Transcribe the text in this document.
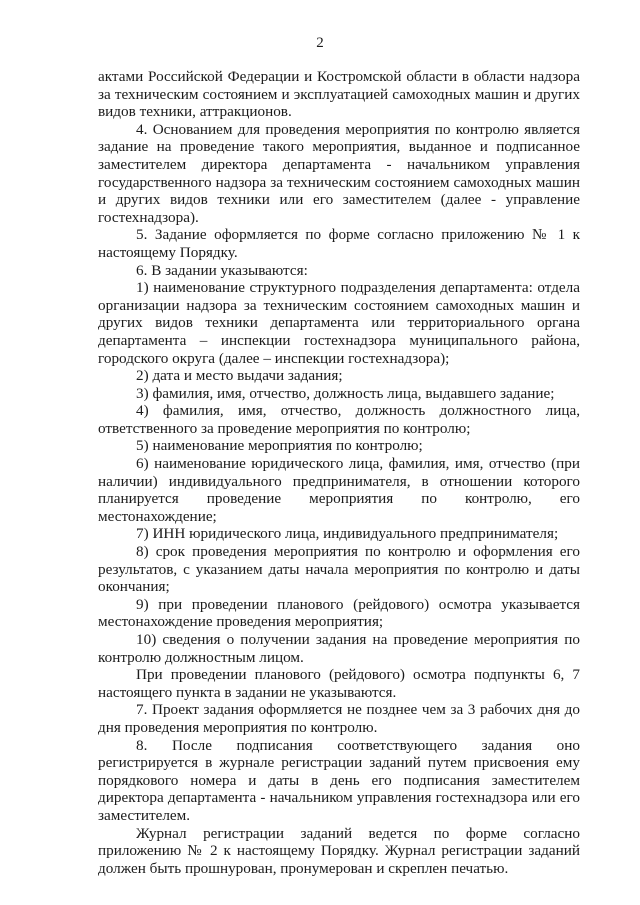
2

актами Российской Федерации и Костромской области в области надзора за техническим состоянием и эксплуатацией самоходных машин и других видов техники, аттракционов.

4. Основанием для проведения мероприятия по контролю является задание на проведение такого мероприятия, выданное и подписанное заместителем директора департамента - начальником управления государственного надзора за техническим состоянием самоходных машин и других видов техники или его заместителем (далее - управление гостехнадзора).

5. Задание оформляется по форме согласно приложению № 1 к настоящему Порядку.

6. В задании указываются:

1) наименование структурного подразделения департамента: отдела организации надзора за техническим состоянием самоходных машин и других видов техники департамента или территориального органа департамента – инспекции гостехнадзора муниципального района, городского округа (далее – инспекции гостехнадзора);

2) дата и место выдачи задания;

3) фамилия, имя, отчество, должность лица, выдавшего задание;

4) фамилия, имя, отчество, должность должностного лица, ответственного за проведение мероприятия по контролю;

5) наименование мероприятия по контролю;

6) наименование юридического лица, фамилия, имя, отчество (при наличии) индивидуального предпринимателя, в отношении которого планируется проведение мероприятия по контролю, его местонахождение;

7) ИНН юридического лица, индивидуального предпринимателя;

8) срок проведения мероприятия по контролю и оформления его результатов, с указанием даты начала мероприятия по контролю и даты окончания;

9) при проведении планового (рейдового) осмотра указывается местонахождение проведения мероприятия;

10) сведения о получении задания на проведение мероприятия по контролю должностным лицом.

При проведении планового (рейдового) осмотра подпункты 6, 7 настоящего пункта в задании не указываются.

7. Проект задания оформляется не позднее чем за 3 рабочих дня до дня проведения мероприятия по контролю.

8. После подписания соответствующего задания оно регистрируется в журнале регистрации заданий путем присвоения ему порядкового номера и даты в день его подписания заместителем директора департамента - начальником управления гостехнадзора или его заместителем.

Журнал регистрации заданий ведется по форме согласно приложению № 2 к настоящему Порядку. Журнал регистрации заданий должен быть прошнурован, пронумерован и скреплен печатью.
